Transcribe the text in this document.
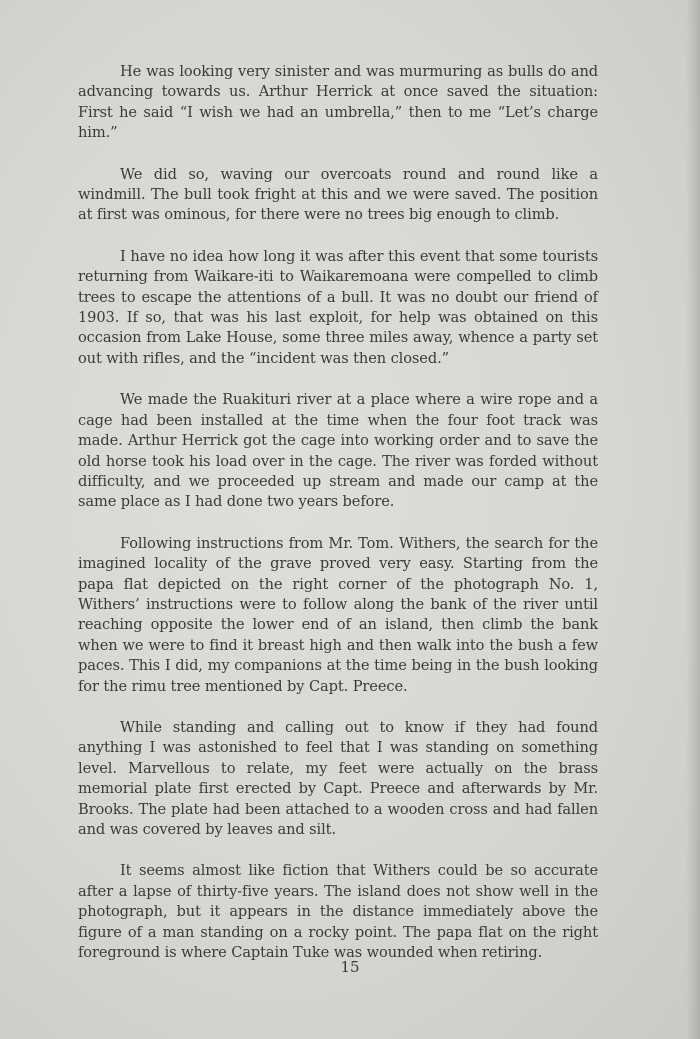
He was looking very sinister and was murmuring as bulls do and advancing towards us. Arthur Herrick at once saved the situation: First he said “I wish we had an umbrella,” then to me “Let’s charge him.”

We did so, waving our overcoats round and round like a windmill. The bull took fright at this and we were saved. The position at first was ominous, for there were no trees big enough to climb.

I have no idea how long it was after this event that some tourists returning from Waikare-iti to Waikaremoana were compelled to climb trees to escape the attentions of a bull. It was no doubt our friend of 1903. If so, that was his last exploit, for help was obtained on this occasion from Lake House, some three miles away, whence a party set out with rifles, and the “incident was then closed.”

We made the Ruakituri river at a place where a wire rope and a cage had been installed at the time when the four foot track was made. Arthur Herrick got the cage into working order and to save the old horse took his load over in the cage. The river was forded without difficulty, and we proceeded up stream and made our camp at the same place as I had done two years before.

Following instructions from Mr. Tom. Withers, the search for the imagined locality of the grave proved very easy. Starting from the papa flat depicted on the right corner of the photograph No. 1, Withers’ instructions were to follow along the bank of the river until reaching opposite the lower end of an island, then climb the bank when we were to find it breast high and then walk into the bush a few paces. This I did, my companions at the time being in the bush looking for the rimu tree mentioned by Capt. Preece.

While standing and calling out to know if they had found anything I was astonished to feel that I was standing on something level. Marvellous to relate, my feet were actually on the brass memorial plate first erected by Capt. Preece and afterwards by Mr. Brooks. The plate had been attached to a wooden cross and had fallen and was covered by leaves and silt.

It seems almost like fiction that Withers could be so accurate after a lapse of thirty-five years. The island does not show well in the photograph, but it appears in the distance immediately above the figure of a man standing on a rocky point. The papa flat on the right foreground is where Captain Tuke was wounded when retiring.

15
